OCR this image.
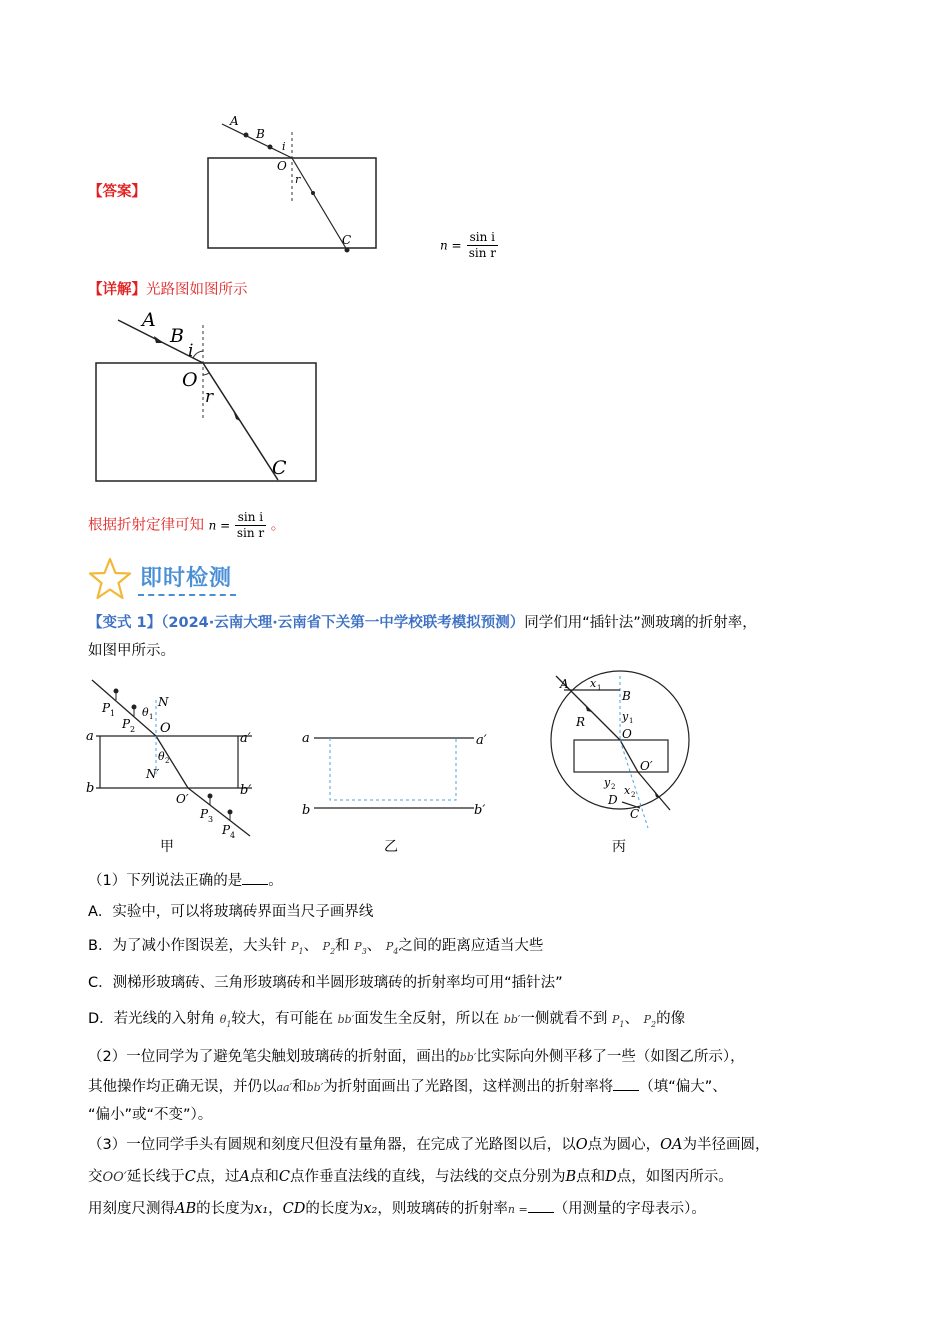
【答案】
A
B
i
O
r
C	$n = \frac{\text{sin i}}{\text{sin r}}$
【详解】光路图如图所示
A
B
i
O
r
C
根据折射定律可知 $n = \frac{\text{sin i}}{\text{sin r}}$ 。
即时检测
【变式 1】（2024·云南大理·云南省下关第一中学校联考模拟预测）同学们用“插针法”测玻璃的折射率，
如图甲所示。
P 1
P 2
θ 1
N
O
θ 2
N′
O′
P 3
P 4
a	a′
b	b′
甲
a	a′
b	b′
乙
A x 1
B
y 1
R
O
O′
y 2 x 2
D
C
丙
（1）下列说法正确的是 。
A．实验中，可以将玻璃砖界面当尺子画界线
B．为了减小作图误差，大头针 $P_1$、 $P_2$和 $P_3$、 $P_4$之间的距离应适当大些
C．测梯形玻璃砖、三角形玻璃砖和半圆形玻璃砖的折射率均可用“插针法”
D．若光线的入射角 $\theta_1$较大，有可能在 bb′面发生全反射，所以在 bb′一侧就看不到 $P_1$、 $P_2$的像
（2）一位同学为了避免笔尖触划玻璃砖的折射面，画出的bb′比实际向外侧平移了一些（如图乙所示），
其他操作均正确无误，并仍以aa′和bb′为折射面画出了光路图，这样测出的折射率将 （填“偏大”、
“偏小”或“不变”）。
（3）一位同学手头有圆规和刻度尺但没有量角器，在完成了光路图以后，以O点为圆心，OA为半径画圆，
交OO′延长线于C点，过A点和C点作垂直法线的直线，与法线的交点分别为B点和D点，如图丙所示。
用刻度尺测得AB的长度为x₁，CD的长度为x₂，则玻璃砖的折射率n = （用测量的字母表示）。
